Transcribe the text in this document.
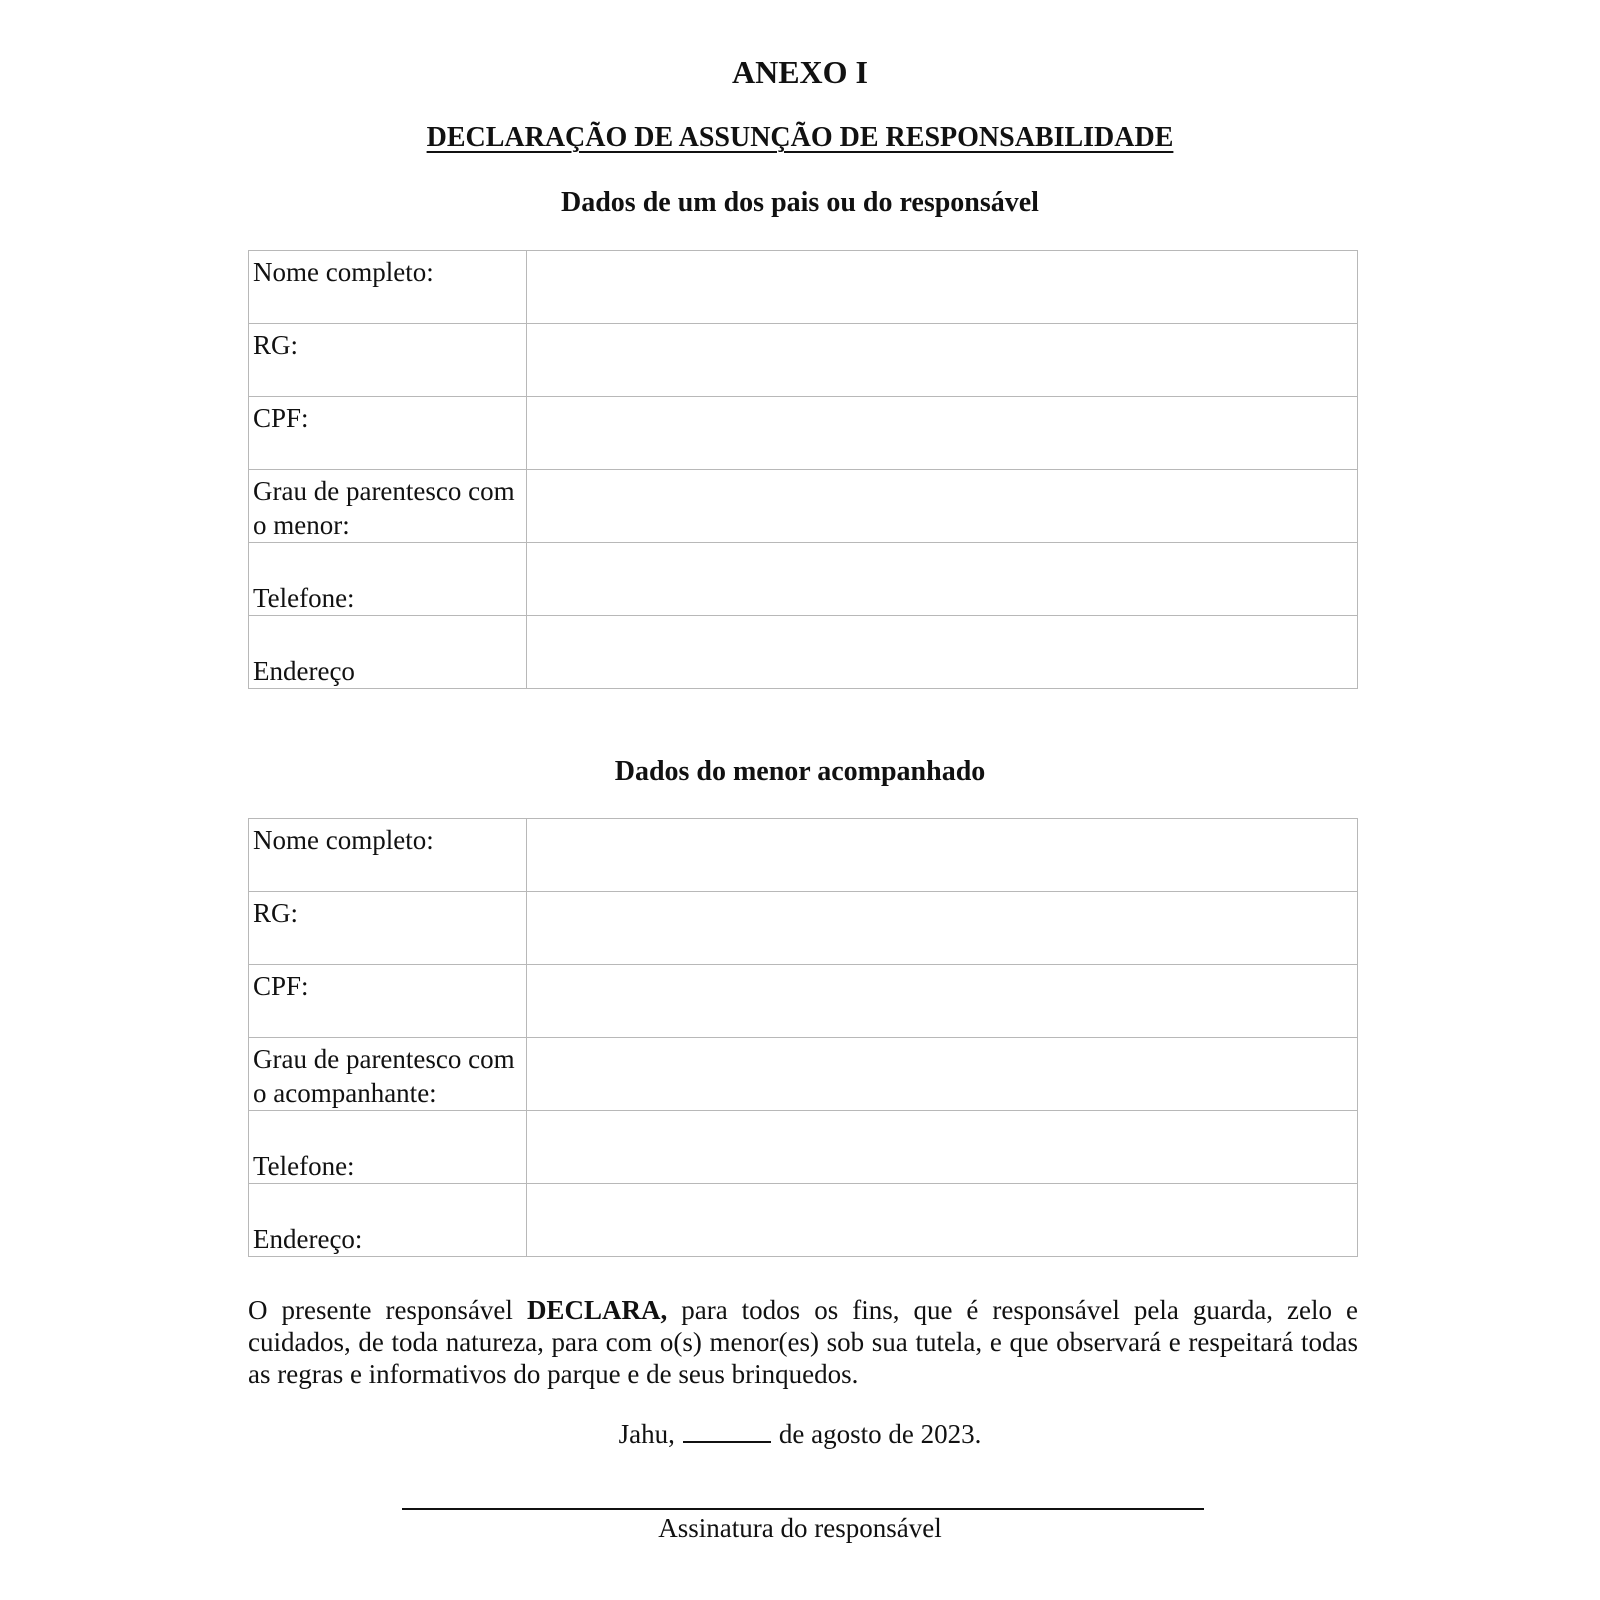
ANEXO I
DECLARAÇÃO DE ASSUNÇÃO DE RESPONSABILIDADE
Dados de um dos pais ou do responsável
Nome completo:	

RG:	

CPF:	

Grau de parentesco com o menor:	

Telefone:	

Endereço	

Dados do menor acompanhado
Nome completo:	

RG:	

CPF:	

Grau de parentesco com o acompanhante:	

Telefone:	

Endereço:	

O presente responsável DECLARA, para todos os fins, que é responsável pela guarda, zelo e cuidados, de toda natureza, para com o(s) menor(es) sob sua tutela, e que observará e respeitará todas as regras e informativos do parque e de seus brinquedos.
Jahu,	de agosto de 2023.
Assinatura do responsável
